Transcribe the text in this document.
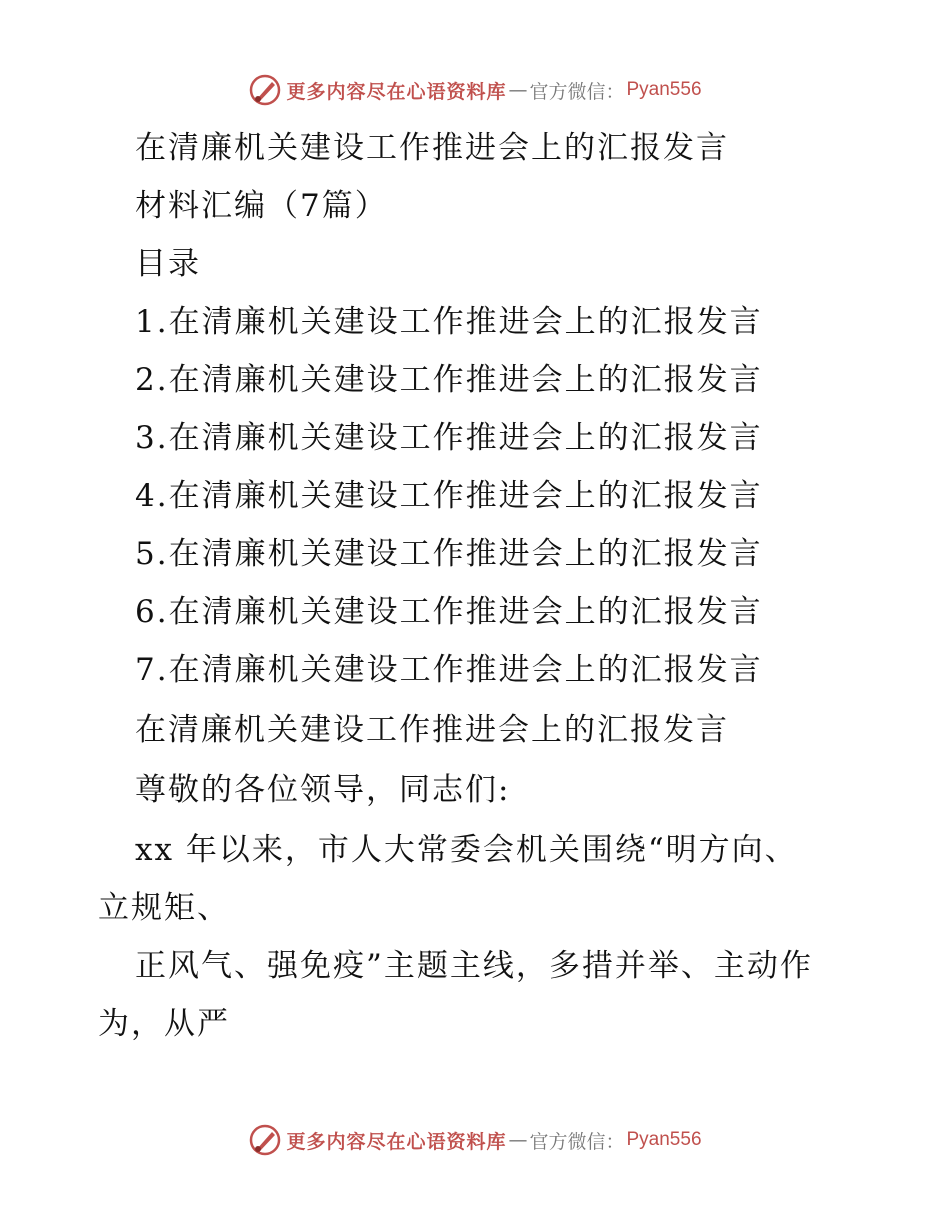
更多内容尽在心语资料库 — 官方微信： Pyan556
在清廉机关建设工作推进会上的汇报发言
材料汇编（7篇）
目录
1.在清廉机关建设工作推进会上的汇报发言
2.在清廉机关建设工作推进会上的汇报发言
3.在清廉机关建设工作推进会上的汇报发言
4.在清廉机关建设工作推进会上的汇报发言
5.在清廉机关建设工作推进会上的汇报发言
6.在清廉机关建设工作推进会上的汇报发言
7.在清廉机关建设工作推进会上的汇报发言
在清廉机关建设工作推进会上的汇报发言
尊敬的各位领导，同志们:
xx 年以来，市人大常委会机关围绕“明方向、
立规矩、
正风气、强免疫”主题主线，多措并举、主动作
为，从严
更多内容尽在心语资料库 — 官方微信： Pyan556
